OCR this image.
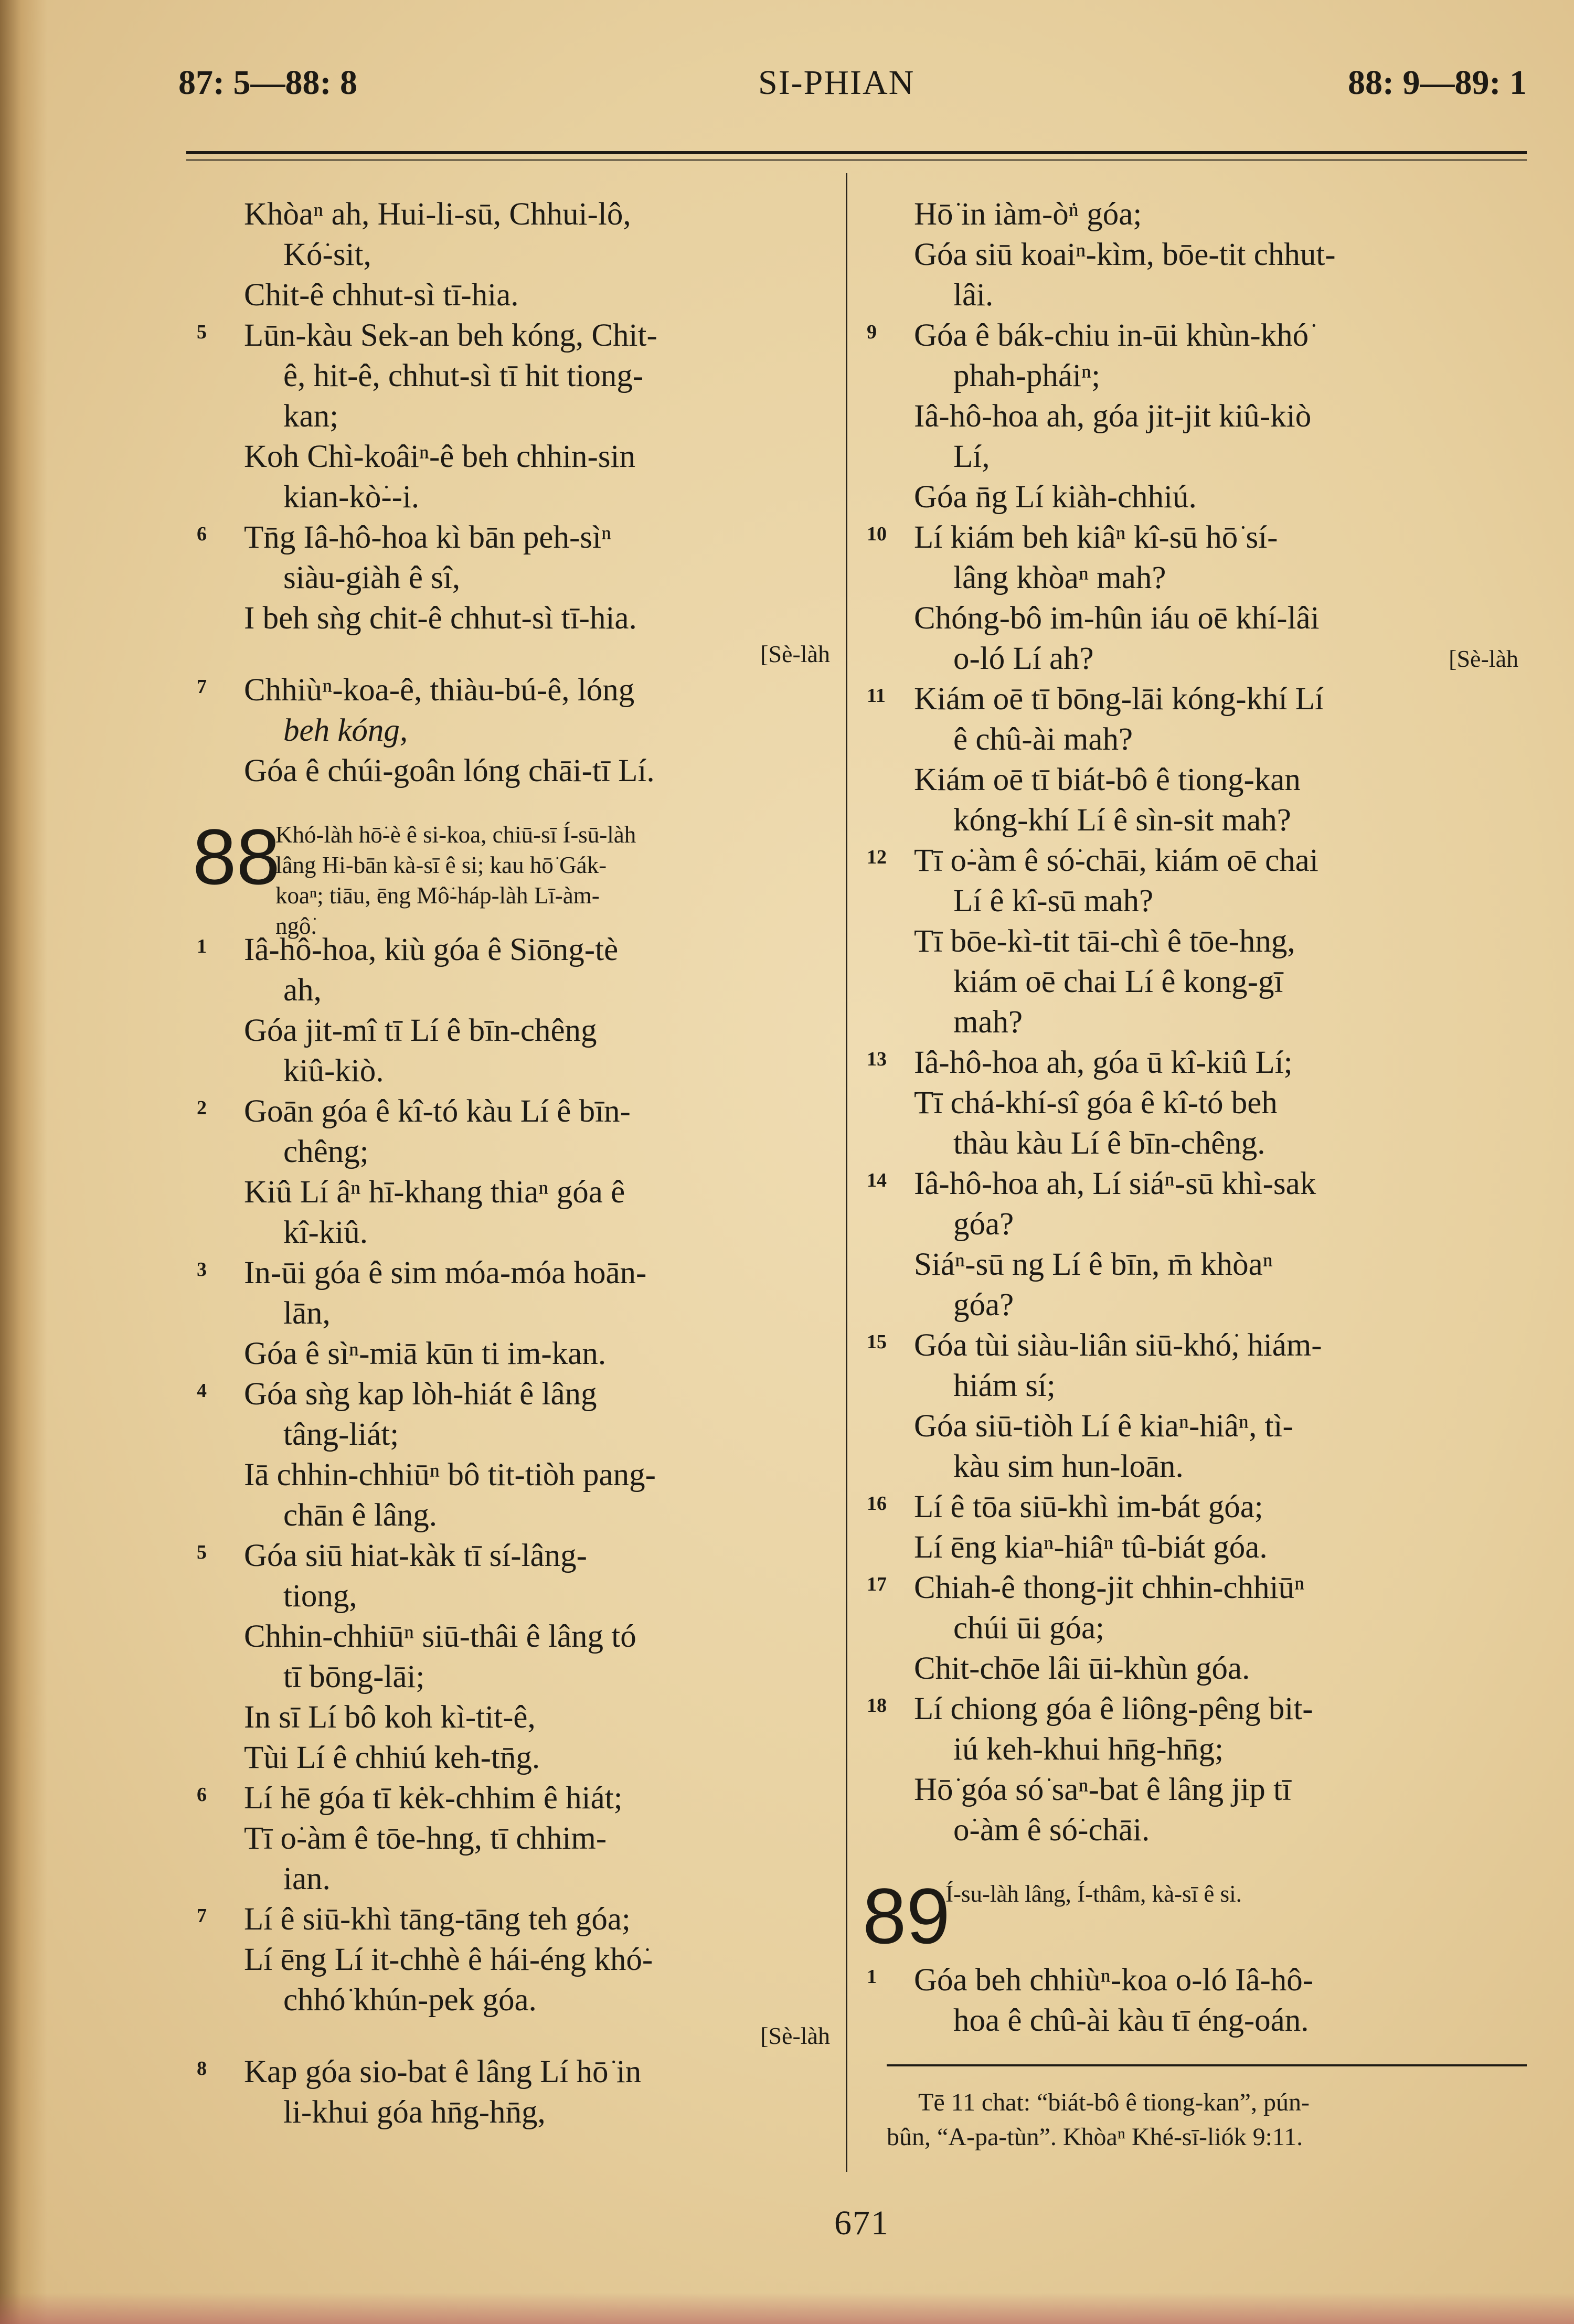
87: 5—88: 8	SI-PHIAN	88: 9—89: 1
Khòaⁿ ah, Hui-li-sū, Chhui-lô,
Kó͘-sit,
Chit-ê chhut-sì tī-hia.
5 Lūn-kàu Sek-an beh kóng, Chit-
ê, hit-ê, chhut-sì tī hit tiong-
kan;
Koh Chì-koâiⁿ-ê beh chhin-sin
kian-kò͘--i.
6 Tn̄g Iâ-hô-hoa kì bān peh-sìⁿ
siàu-giàh ê sî,
I beh sǹg chit-ê chhut-sì tī-hia.
[Sè-làh
7 Chhiùⁿ-koa-ê, thiàu-bú-ê, lóng
beh kóng,
Góa ê chúi-goân lóng chāi-tī Lí.
88
Khó-làh hō͘-è ê si-koa, chiū-sī Í-sū-làh
lâng Hi-bān kà-sī ê si; kau hō͘ Gák-
koaⁿ; tiāu, ēng Mô͘-háp-làh Lī-àm-
ngô͘.
1 Iâ-hô-hoa, kiù góa ê Siōng-tè
ah,
Góa jit-mî tī Lí ê bīn-chêng
kiû-kiò.
2 Goān góa ê kî-tó kàu Lí ê bīn-
chêng;
Kiû Lí âⁿ hī-khang thiaⁿ góa ê
kî-kiû.
3 In-ūi góa ê sim móa-móa hoān-
lān,
Góa ê sìⁿ-miā kūn ti im-kan.
4 Góa sǹg kap lòh-hiát ê lâng
tâng-liát;
Iā chhin-chhiūⁿ bô tit-tiòh pang-
chān ê lâng.
5 Góa siū hiat-kàk tī sí-lâng-
tiong,
Chhin-chhiūⁿ siū-thâi ê lâng tó
tī bōng-lāi;
In sī Lí bô koh kì-tit-ê,
Tùi Lí ê chhiú keh-tn̄g.
6 Lí hē góa tī kėk-chhim ê hiát;
Tī o͘-àm ê tōe-hng, tī chhim-
ian.
7 Lí ê siū-khì tāng-tāng teh góa;
Lí ēng Lí it-chhè ê hái-éng khó͘-
chhó͘ khún-pek góa.
[Sè-làh
8 Kap góa sio-bat ê lâng Lí hō͘ in
li-khui góa hn̄g-hn̄g,
Hō͘ in iàm-ò͘ⁿ góa;
Góa siū koaiⁿ-kìm, bōe-tit chhut-
lâi.
9 Góa ê bák-chiu in-ūi khùn-khó͘
phah-pháiⁿ;
Iâ-hô-hoa ah, góa jit-jit kiû-kiò
Lí,
Góa n̄g Lí kiàh-chhiú.
10 Lí kiám beh kiâⁿ kî-sū hō͘ sí-
lâng khòaⁿ mah?
Chóng-bô im-hûn iáu oē khí-lâi
o-ló Lí ah?	[Sè-làh
11 Kiám oē tī bōng-lāi kóng-khí Lí
ê chû-ài mah?
Kiám oē tī biát-bô ê tiong-kan
kóng-khí Lí ê sìn-sit mah?
12 Tī o͘-àm ê só͘-chāi, kiám oē chai
Lí ê kî-sū mah?
Tī bōe-kì-tit tāi-chì ê tōe-hng,
kiám oē chai Lí ê kong-gī
mah?
13 Iâ-hô-hoa ah, góa ū kî-kiû Lí;
Tī chá-khí-sî góa ê kî-tó beh
thàu kàu Lí ê bīn-chêng.
14 Iâ-hô-hoa ah, Lí siáⁿ-sū khì-sak
góa?
Siáⁿ-sū ng Lí ê bīn, m̄ khòaⁿ
góa?
15 Góa tùi siàu-liân siū-khó͘, hiám-
hiám sí;
Góa siū-tiòh Lí ê kiaⁿ-hiâⁿ, tì-
kàu sim hun-loān.
16 Lí ê tōa siū-khì im-bát góa;
Lí ēng kiaⁿ-hiâⁿ tû-biát góa.
17 Chiah-ê thong-jit chhin-chhiūⁿ
chúi ūi góa;
Chit-chōe lâi ūi-khùn góa.
18 Lí chiong góa ê liông-pêng bit-
iú keh-khui hn̄g-hn̄g;
Hō͘ góa só͘ saⁿ-bat ê lâng jip tī
o͘-àm ê só͘-chāi.
89
Í-su-làh lâng, Í-thâm, kà-sī ê si.
1 Góa beh chhiùⁿ-koa o-ló Iâ-hô-
hoa ê chû-ài kàu tī éng-oán.
Tē 11 chat: “biát-bô ê tiong-kan”, pún-
bûn, “A-pa-tùn”. Khòaⁿ Khé-sī-liók 9:11.
671
